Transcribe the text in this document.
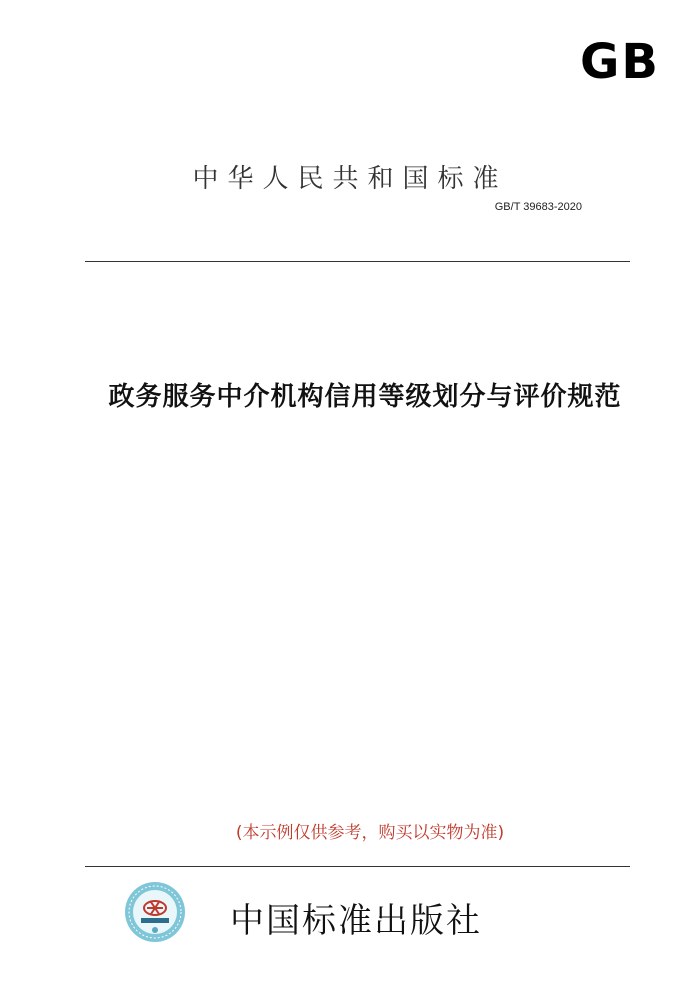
GB
中华人民共和国标准
GB/T 39683-2020
政务服务中介机构信用等级划分与评价规范
(本示例仅供参考，购买以实物为准)
中国标准出版社
